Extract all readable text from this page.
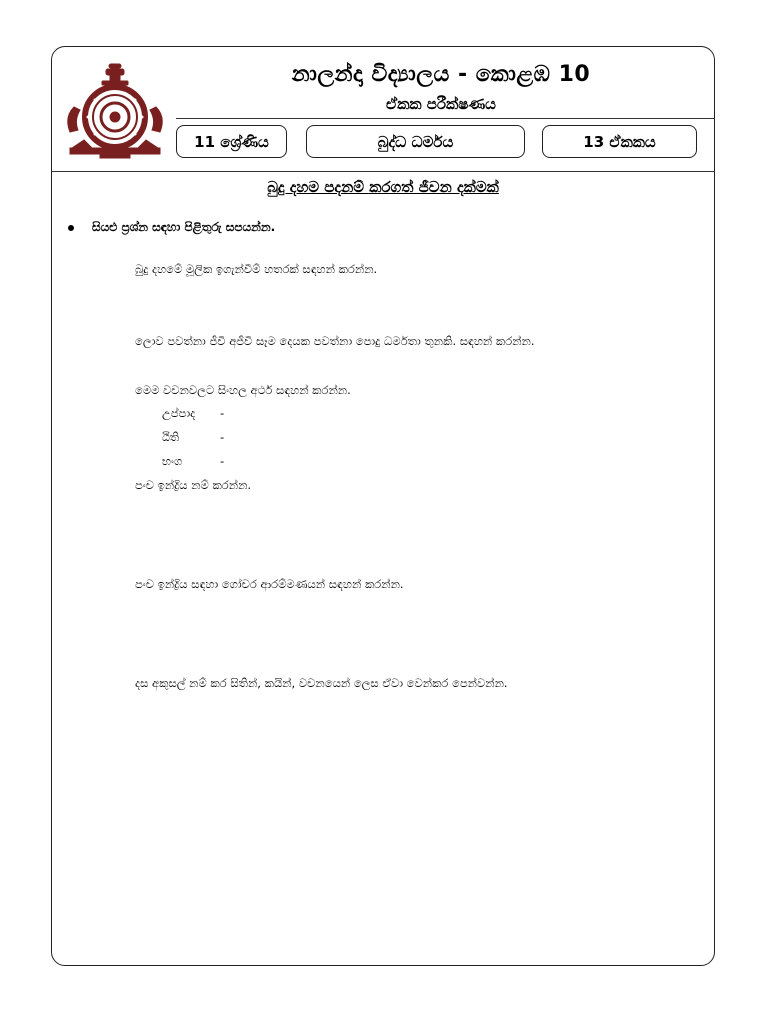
නාලන්දා විද්‍යාලය - කොළඹ 10
ඒකක පරීක්ෂණය
11 ශ්‍රේණිය	බුද්ධ ධර්මය	13 ඒකකය
බුදු දහම පදනම් කරගත් ජීවන දක්මක්
සියළු ප්‍රශ්න සඳහා පිළිතුරු සපයන්න.
බුදු දහමේ මූලික ඉගැන්වීම් හතරක් සඳහන් කරන්න.
ලොව පවත්නා ජීවී අජීවී සෑම දෙයක පවත්නා පොදු ධර්මතා තුනකි. සඳහන් කරන්න.
මෙම වචනවලට සිංහල අර්ථ සඳහන් කරන්න.
උප්පාද -
ඨිති	-
භංග	-
පංච ඉන්ද්‍රිය නම් කරන්න.
පංච ඉන්ද්‍රිය සඳහා ගෝචර ආරම්මණයන් සඳහන් කරන්න.
දස අකුසල් නම් කර සිතින්, කයින්, වචනයෙන් ලෙස ඒවා වෙන්කර පෙන්වන්න.
